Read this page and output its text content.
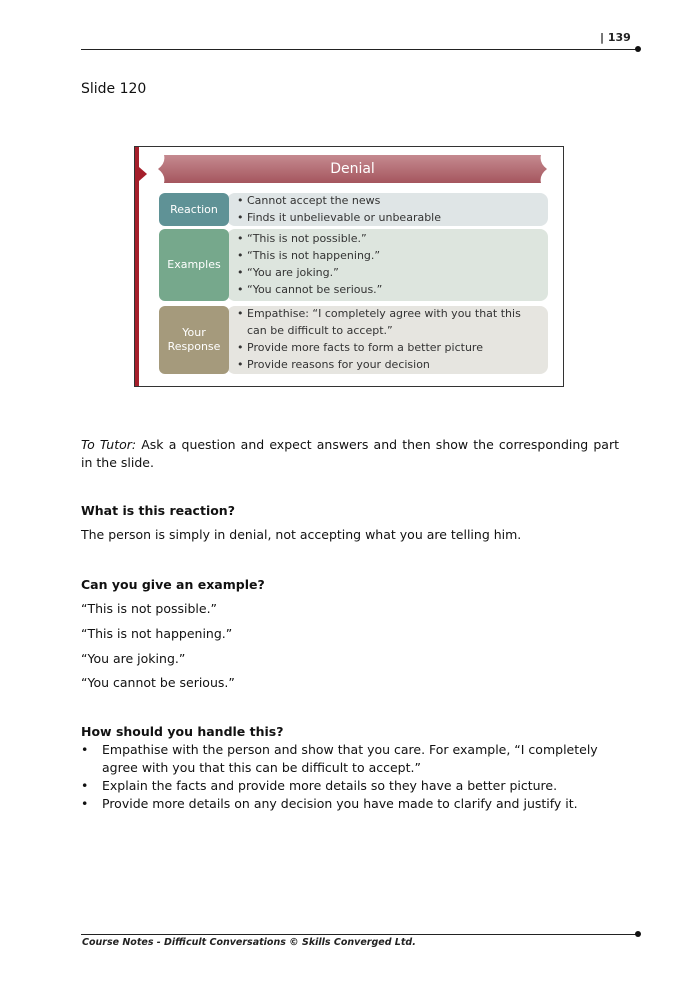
| 139
Slide 120
Denial
Reaction
• Cannot accept the news
• Finds it unbelievable or unbearable
Examples
• “This is not possible.”
• “This is not happening.”
• “You are joking.”
• “You cannot be serious.”
Your
Response
• Empathise: “I completely agree with you that this
can be difficult to accept.”
• Provide more facts to form a better picture
• Provide reasons for your decision
To Tutor: Ask a question and expect answers and then show the corresponding part in the slide.
What is this reaction?
The person is simply in denial, not accepting what you are telling him.
Can you give an example?
“This is not possible.”
“This is not happening.”
“You are joking.”
“You cannot be serious.”
How should you handle this?
• Empathise with the person and show that you care. For example, “I completely agree with you that this can be difficult to accept.”
• Explain the facts and provide more details so they have a better picture.
• Provide more details on any decision you have made to clarify and justify it.
Course Notes - Difficult Conversations © Skills Converged Ltd.
